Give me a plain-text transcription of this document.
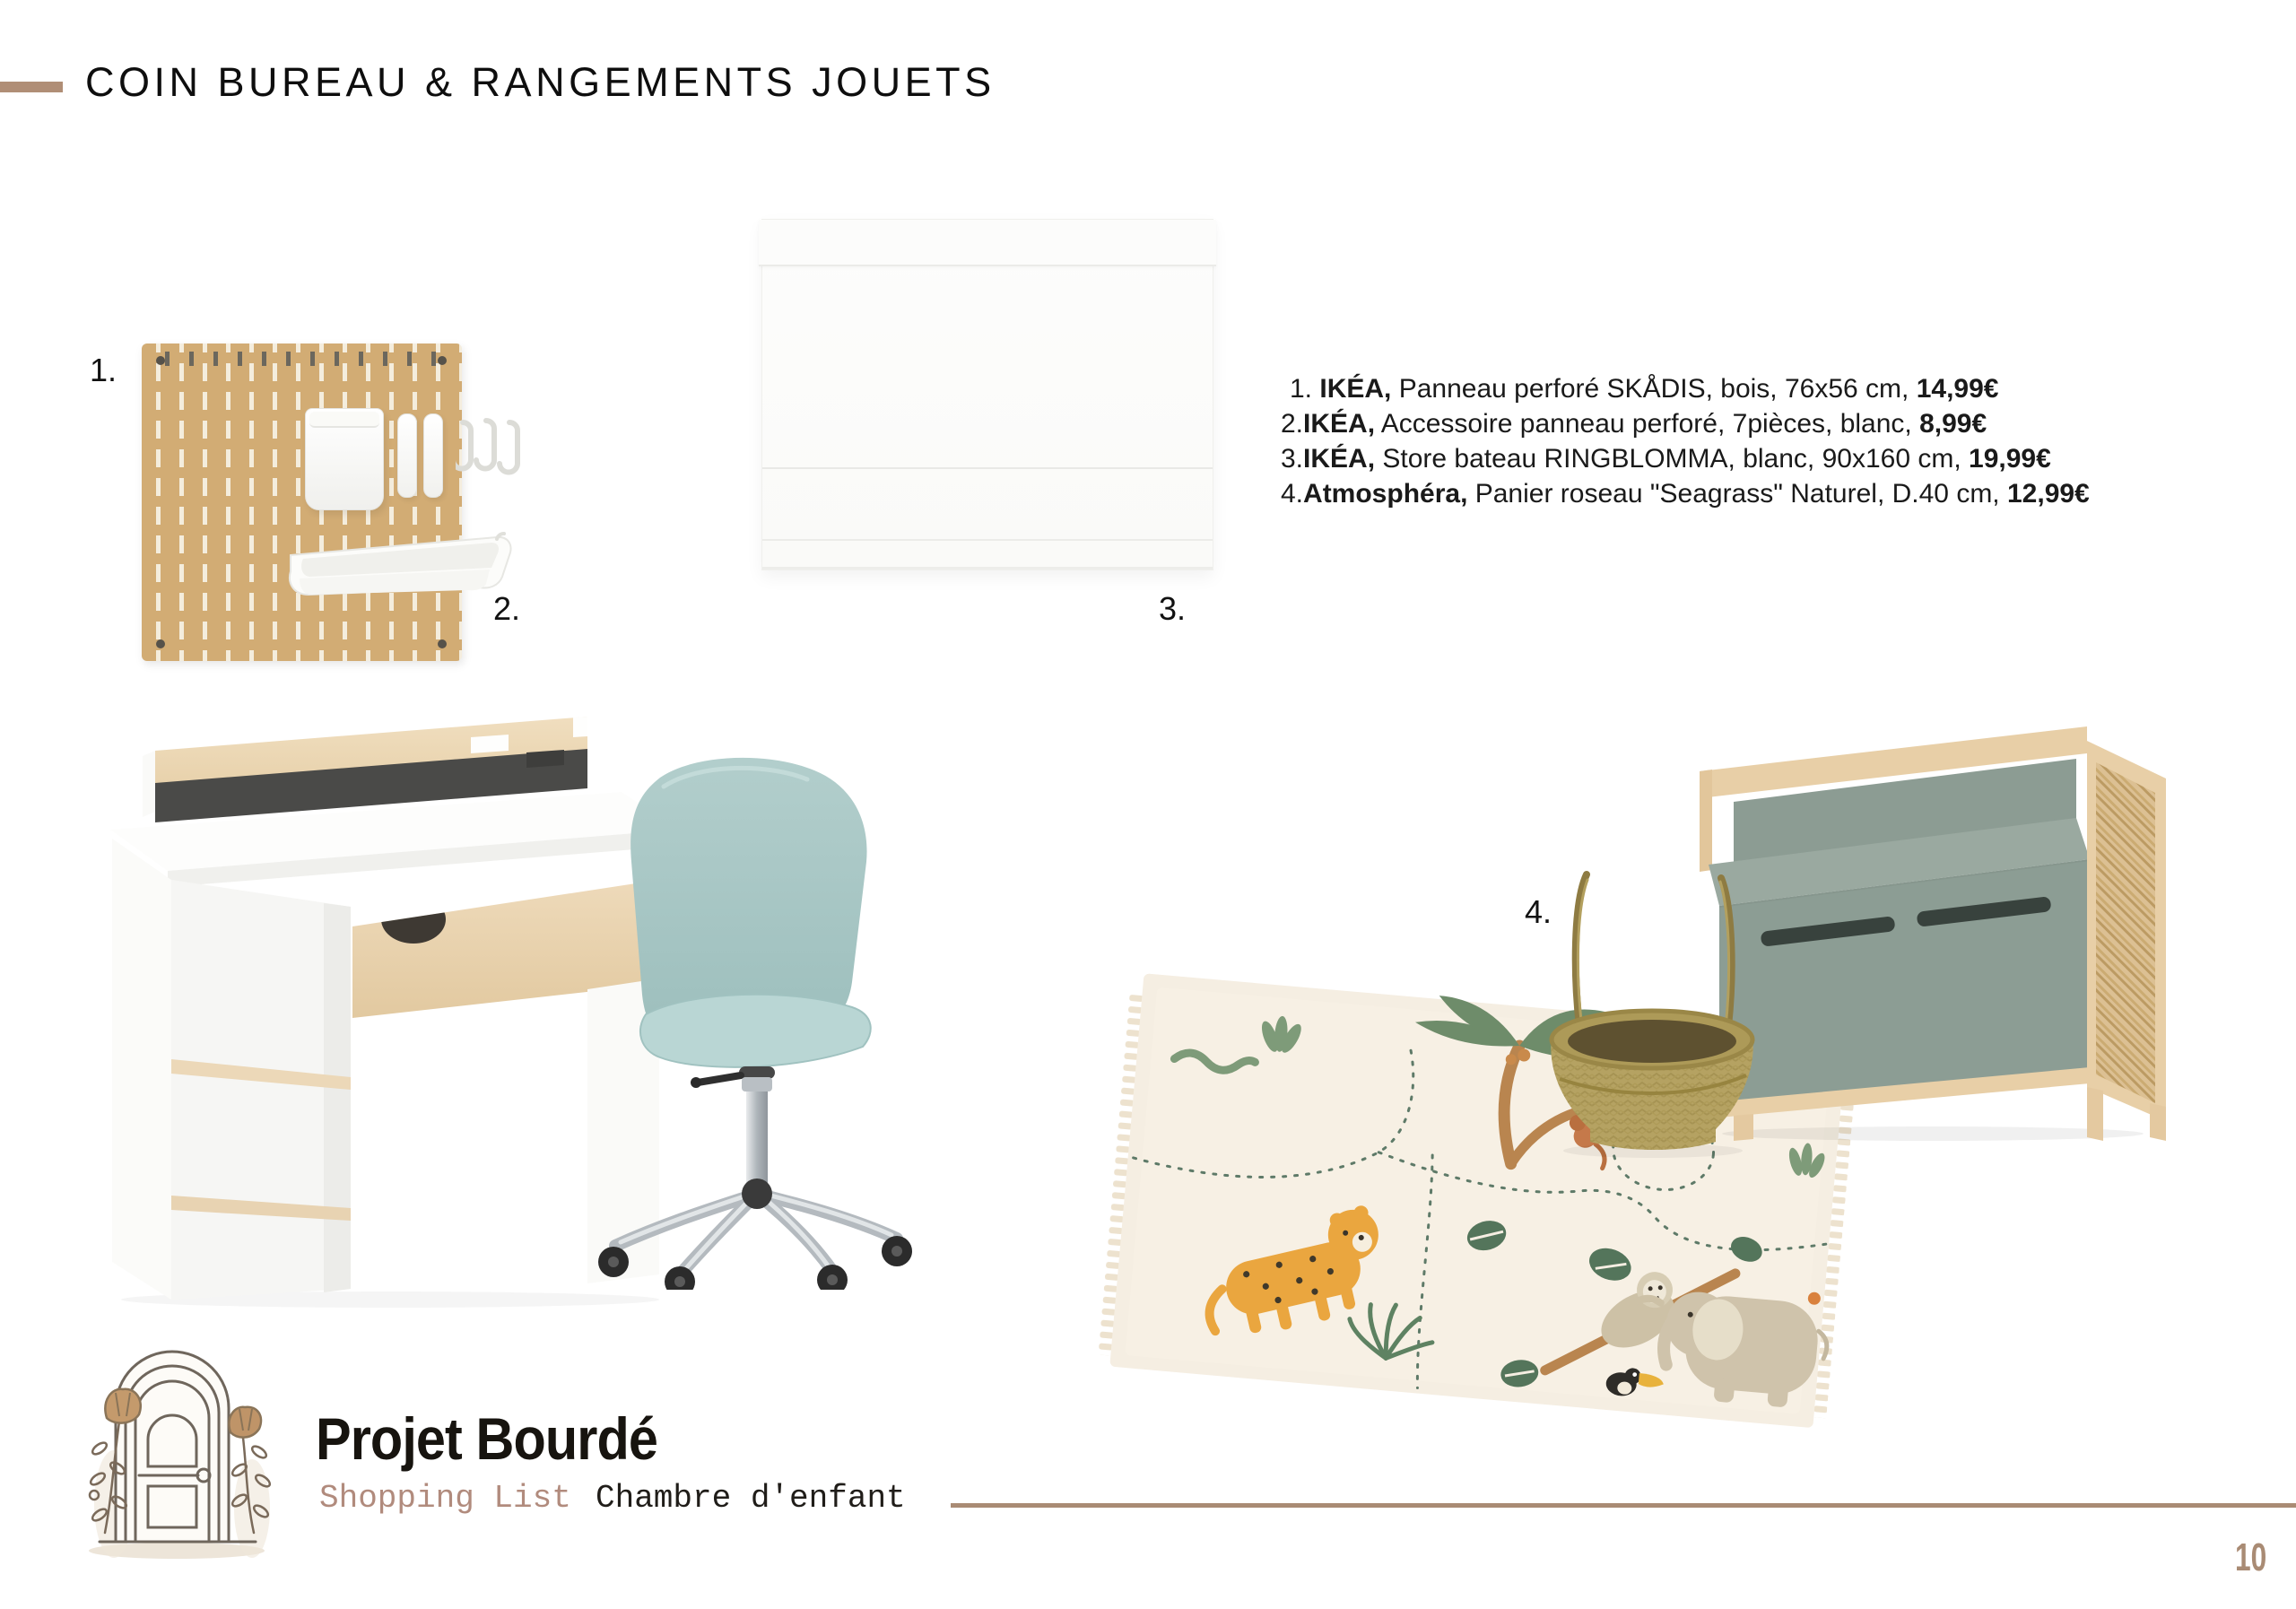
COIN BUREAU & RANGEMENTS JOUETS
1. IKÉA, Panneau perforé SKÅDIS, bois, 76x56 cm, 14,99€
2.IKÉA, Accessoire panneau perforé, 7pièces, blanc, 8,99€
3.IKÉA, Store bateau RINGBLOMMA, blanc, 90x160 cm, 19,99€
4.Atmosphéra, Panier roseau "Seagrass" Naturel, D.40 cm, 12,99€
1.
2.	3.
4.
Projet Bourdé
Shopping List Chambre d'enfant
10
